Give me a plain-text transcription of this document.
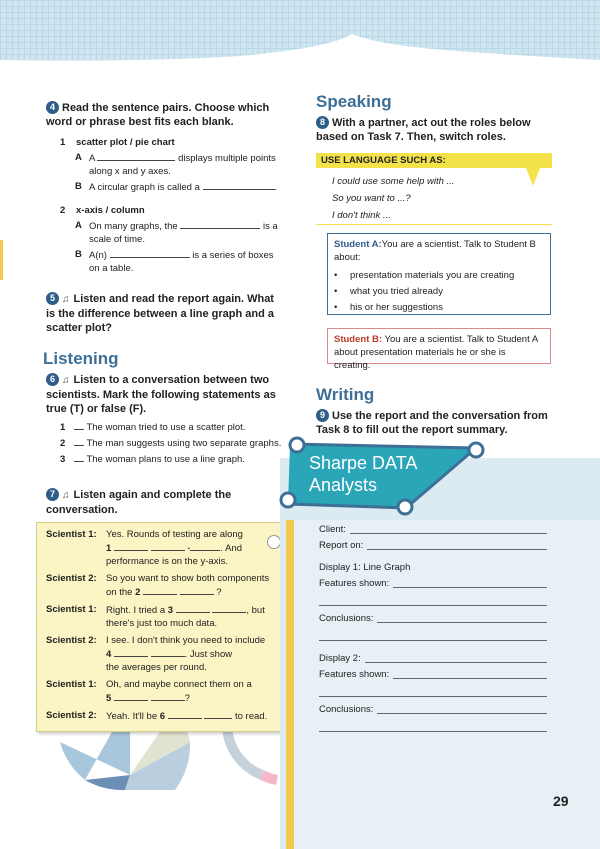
4 Read the sentence pairs. Choose which word or phrase best fits each blank.
1 scatter plot / pie chart
A A	displays multiple points along x and y axes.
B A circular graph is called a	.
2 x-axis / column
A On many graphs, the	is a scale of time.
B A(n)	is a series of boxes on a table.
5 ♫ Listen and read the report again. What is the difference between a line graph and a scatter plot?
Listening
6 ♫ Listen to a conversation between two scientists. Mark the following statements as true (T) or false (F).
1 The woman tried to use a scatter plot.
2 The man suggests using two separate graphs.
3 The woman plans to use a line graph.
7 ♫ Listen again and complete the conversation.
Scientist 1:	Yes. Rounds of testing are along
1 - . And
performance is on the y-axis.
Scientist 2:	So you want to show both components
on the 2 ?
Scientist 1:	Right. I tried a 3 , but
there's just too much data.
Scientist 2:	I see. I don't think you need to include
4 . Just show
the averages per round.
Scientist 1:	Oh, and maybe connect them on a
5 ?
Scientist 2:	Yeah. It'll be 6 to read.
Speaking
8 With a partner, act out the roles below based on Task 7. Then, switch roles.
USE LANGUAGE SUCH AS:
I could use some help with ...
So you want to ...?
I don't think ...
Student A:You are a scientist. Talk to Student B about:
• presentation materials you are creating
• what you tried already
• his or her suggestions
Student B: You are a scientist. Talk to Student A about presentation materials he or she is creating.
Writing
9 Use the report and the conversation from Task 8 to fill out the report summary.
Sharpe DATA
Analysts
Client:
Report on:
Display 1: Line Graph
Features shown:
Conclusions:
Display 2:
Features shown:
Conclusions:
29
